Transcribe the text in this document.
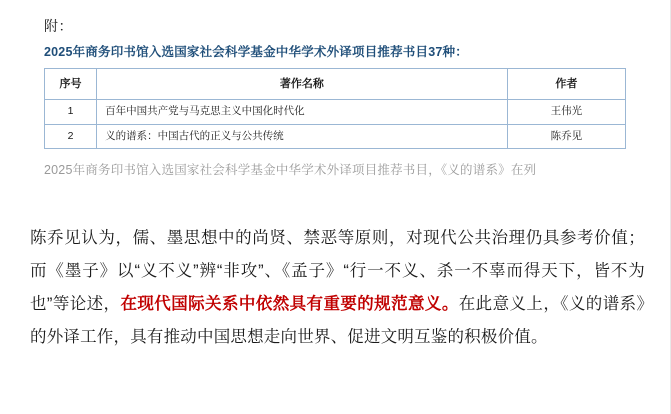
附：
2025年商务印书馆入选国家社会科学基金中华学术外译项目推荐书目37种：
序号	著作名称	作者
1	百年中国共产党与马克思主义中国化时代化	王伟光
2	义的谱系：中国古代的正义与公共传统	陈乔见
2025年商务印书馆入选国家社会科学基金中华学术外译项目推荐书目，《义的谱系》在列
陈乔见认为，儒、墨思想中的尚贤、禁恶等原则，对现代公共治理仍具参考价值；而《墨子》以“义不义”辨“非攻”、《孟子》“行一不义、杀一不辜而得天下，皆不为也”等论述，在现代国际关系中依然具有重要的规范意义。在此意义上，《义的谱系》的外译工作，具有推动中国思想走向世界、促进文明互鉴的积极价值。
